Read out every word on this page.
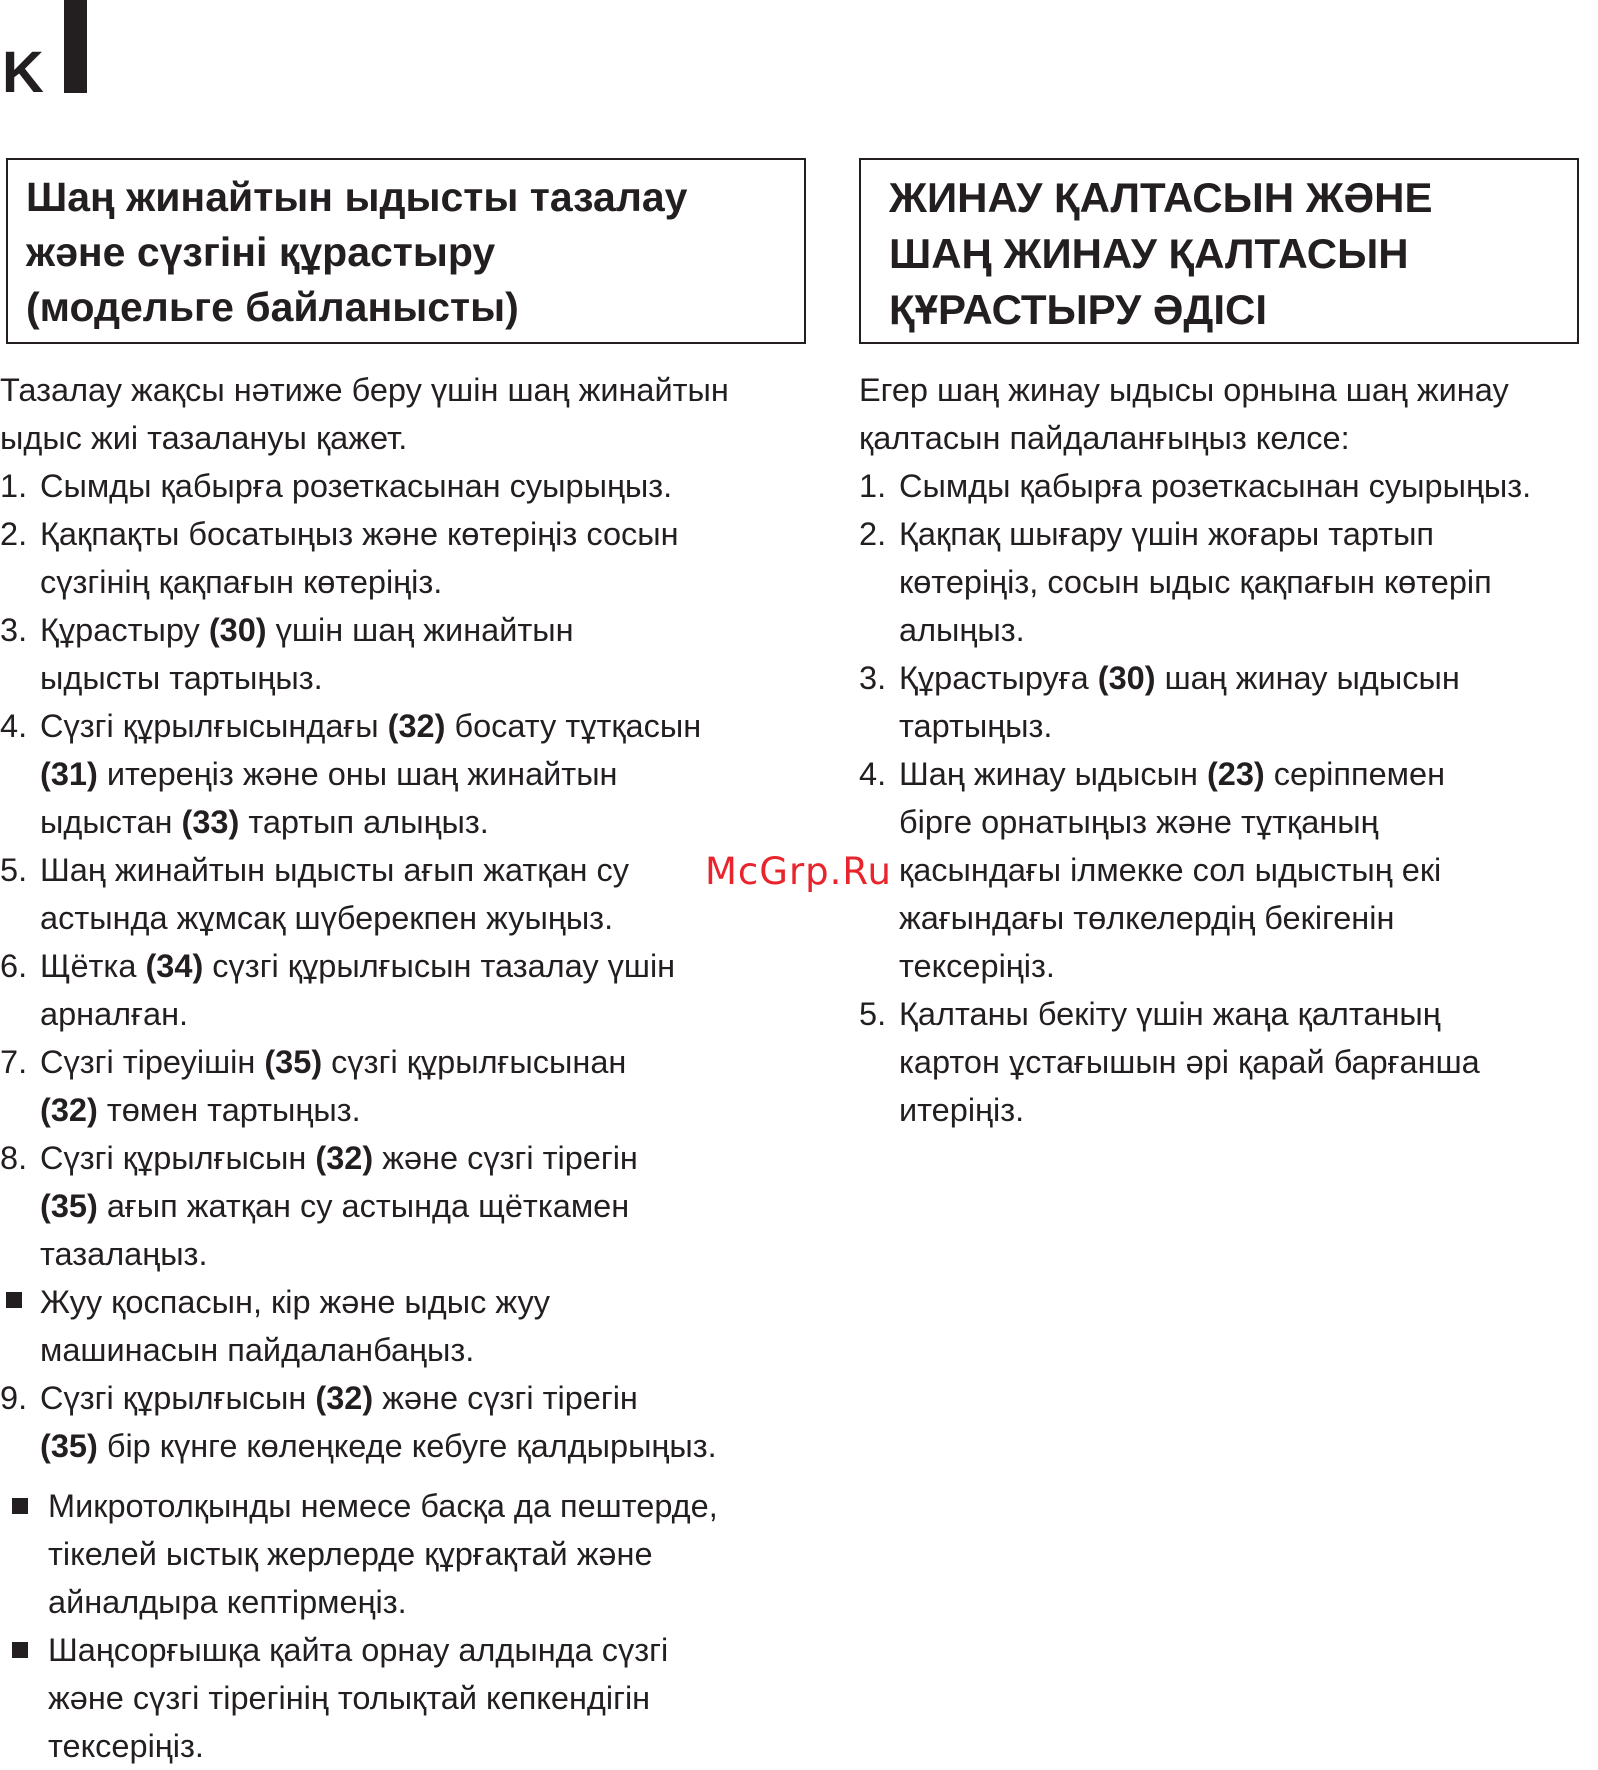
K
Шаң жинайтын ыдысты тазалау
және сүзгіні құрастыру
(модельге байланысты)

Тазалау жақсы нәтиже беру үшін шаң жинайтын
ыдыс жиі тазалануы қажет.

1. Сымды қабырға розеткасынан суырыңыз.
2. Қақпақты босатыңыз және көтеріңіз сосын
сүзгінің қақпағын көтеріңіз.
3. Құрастыру (30) үшін шаң жинайтын
ыдысты тартыңыз.
4. Сүзгі құрылғысындағы (32) босату тұтқасын
(31) итереңіз және оны шаң жинайтын
ыдыстан (33) тартып алыңыз.
5. Шаң жинайтын ыдысты ағып жатқан су
астында жұмсақ шүберекпен жуыңыз.
6. Щётка (34) сүзгі құрылғысын тазалау үшін
арналған.
7. Сүзгі тіреуішін (35) сүзгі құрылғысынан
(32) төмен тартыңыз.
8. Сүзгі құрылғысын (32) және сүзгі тірегін
(35) ағып жатқан су астында щёткамен
тазалаңыз.
Жуу қоспасын, кір және ыдыс жуу
машинасын пайдаланбаңыз.
9. Сүзгі құрылғысын (32) және сүзгі тірегін
(35) бір күнге көлеңкеде кебуге қалдырыңыз.
Микротолқынды немесе басқа да пештерде,
тікелей ыстық жерлерде құрғақтай және
айналдыра кептірмеңіз.
Шаңсорғышқа қайта орнау алдында сүзгі
және сүзгі тірегінің толықтай кепкендігін
тексеріңіз.
ЖИНАУ ҚАЛТАСЫН ЖӘНЕ
ШАҢ ЖИНАУ ҚАЛТАСЫН
ҚҰРАСТЫРУ ӘДІСІ

Егер шаң жинау ыдысы орнына шаң жинау
қалтасын пайдаланғыңыз келсе:

1. Сымды қабырға розеткасынан суырыңыз.
2. Қақпақ шығару үшін жоғары тартып
көтеріңіз, сосын ыдыс қақпағын көтеріп
алыңыз.
3. Құрастыруға (30) шаң жинау ыдысын
тартыңыз.
4. Шаң жинау ыдысын (23) серіппемен
бірге орнатыңыз және тұтқаның
қасындағы ілмекке сол ыдыстың екі
жағындағы төлкелердің бекігенін
тексеріңіз.
5. Қалтаны бекіту үшін жаңа қалтаның
картон ұстағышын әрі қарай барғанша
итеріңіз.
McGrp.Ru
